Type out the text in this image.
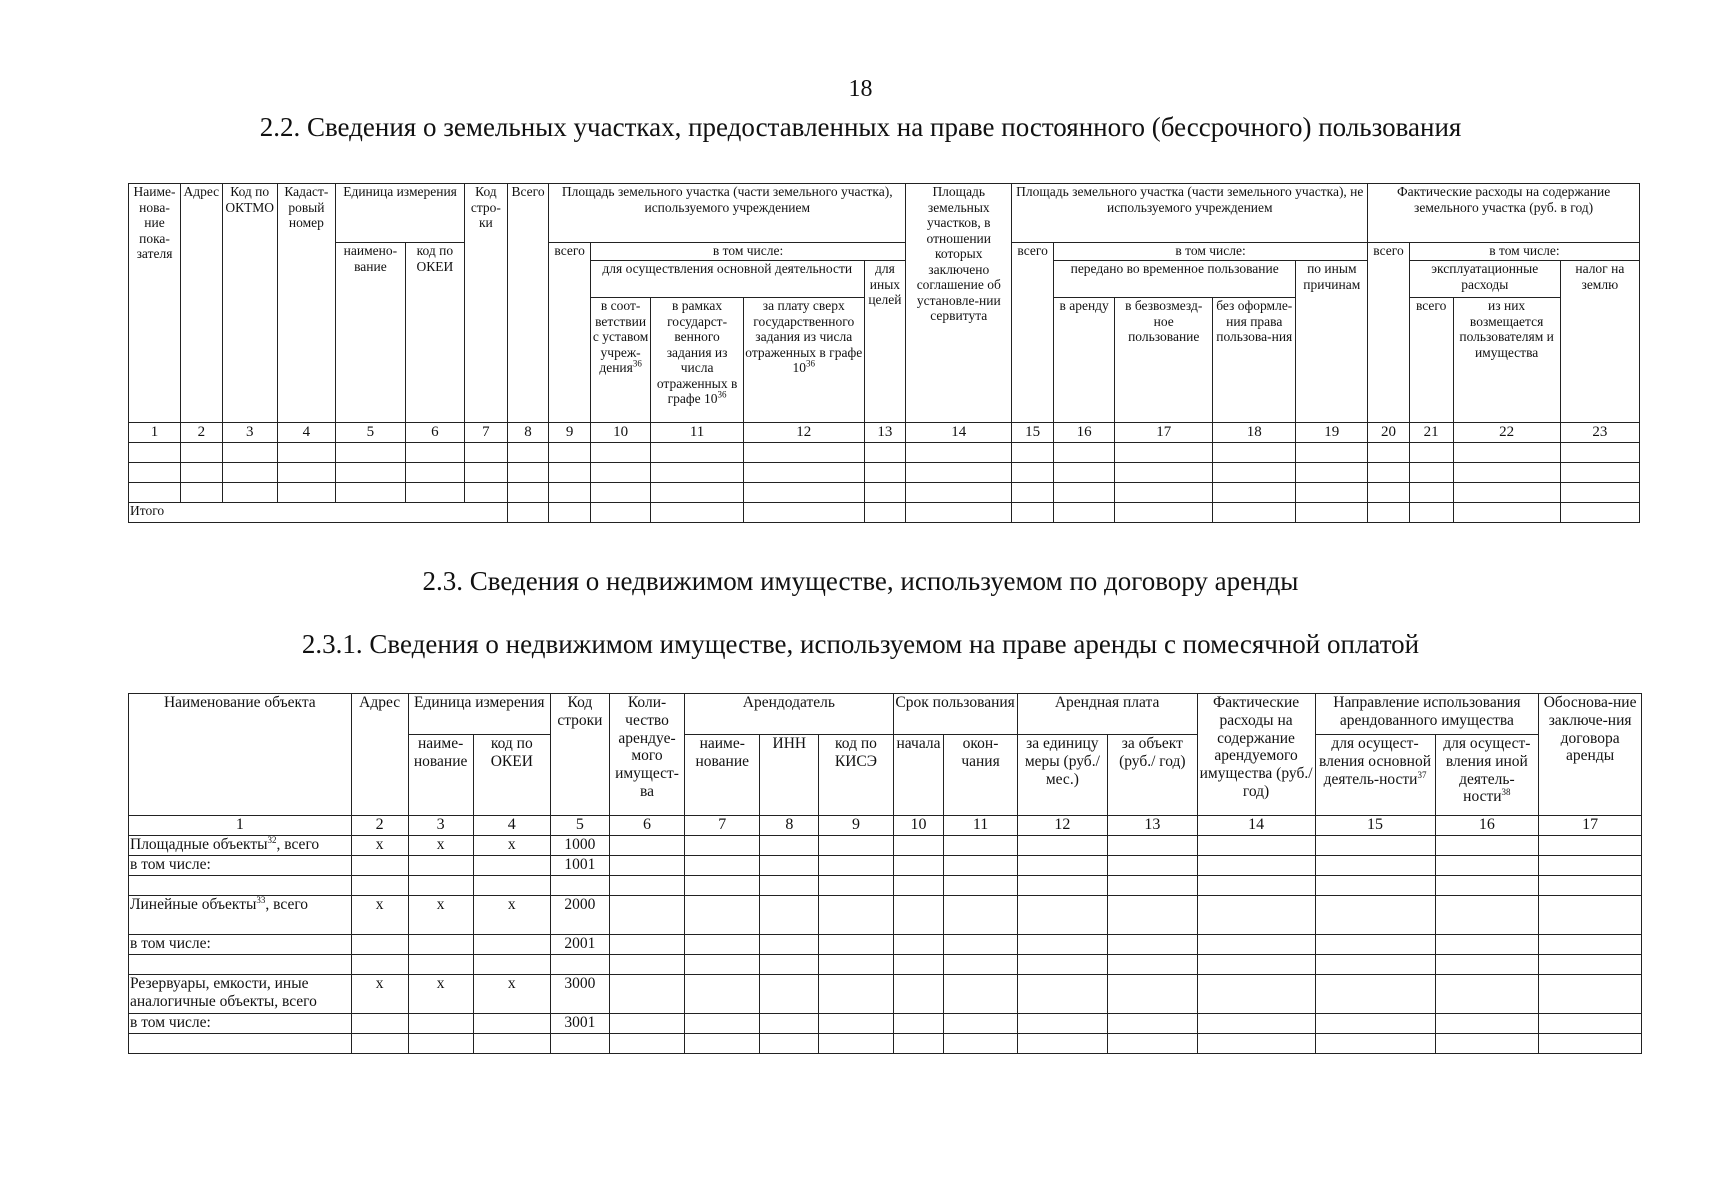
18
2.2. Сведения о земельных участках, предоставленных на праве постоянного (бессрочного) пользования
Наиме-нова-ние пока-зателя	Адрес	Код по ОКТМО	Кадаст-ровый номер	Единица измерения		Код стро-ки	Всего	Площадь земельного участка (части земельного участка), используемого учреждением					Площадь земельных участков, в отношении которых заключено соглашение об установле-нии сервитута	Площадь земельного участка (части земельного участка), не используемого учреждением					Фактические расходы на содержание земельного участка (руб. в год)			
				наимено-вание	код по ОКЕИ			всего	в том числе:					всего	в том числе:				всего	в том числе:		
									для осуществления основной деятельности			для иных целей			передано во временное пользование			по иным причинам		эксплуатационные расходы		налог на землю
									в соот-ветствии с уставом учреж-дения$^{36}$	в рамках государст-венного задания из числа отраженных в графе $10^{36}$	за плату сверх государственного задания из числа отраженных в графе $10^{36}$				в аренду	в безвозмезд-ное пользование	без оформле-ния права пользова-ния			всего	из них возмещается пользователям и имущества	
1	2	3	4	5	6	7	8	9	10	11	12	13	14	15	16	17	18	19	20	21	22	23

Итого																						
2.3. Сведения о недвижимом имуществе, используемом по договору аренды
2.3.1. Сведения о недвижимом имуществе, используемом на праве аренды с помесячной оплатой
Наименование объекта	Адрес	Единица измерения		Код строки	Коли-чество арендуе-мого имущест-ва	Арендодатель			Срок пользования		Арендная плата		Фактические расходы на содержание арендуемого имущества (руб./год)	Направление использования арендованного имущества		Обоснова-ние заключе-ния договора аренды
		наиме-нование	код по ОКЕИ			наиме-нование	ИНН	код по КИСЭ	начала	окон-чания	за единицу меры (руб./мес.)	за объект (руб./ год)		для осущест-вления основной деятель-ности$^{37}$	для осущест-вления иной деятель-ности$^{38}$

1	2	3	4	5	6	7	8	9	10	11	12	13	14	15	16	17
Площадные объекты$^{32}$, всего	x	x	x	1000												
в том числе:				1001												

Линейные объекты$^{33}$, всего	x	x	x	2000												
в том числе:				2001												

Резервуары, емкости, иные аналогичные объекты, всего	x	x	x	3000												
в том числе:				3001												
